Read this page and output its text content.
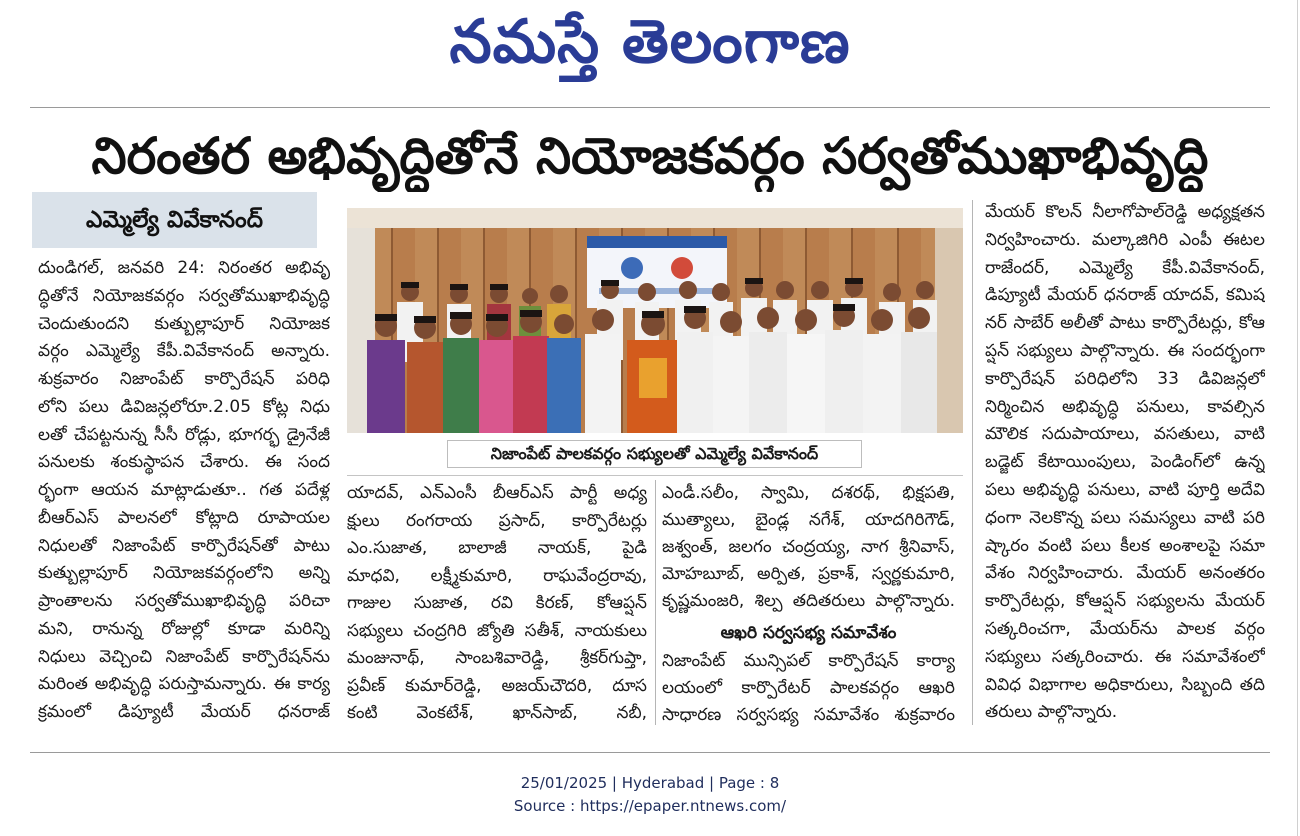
నమస్తే తెలంగాణ
నిరంతర అభివృద్ధితోనే నియోజకవర్గం సర్వతోముఖాభివృద్ధి
ఎమ్మెల్యే వివేకానంద్
దుండిగల్, జనవరి 24: నిరంతర అభివృ
ద్ధితోనే నియోజకవర్గం సర్వతోముఖాభివృద్ధి
చెందుతుందని కుత్బుల్లాపూర్ నియోజక
వర్గం ఎమ్మెల్యే కేపీ.వివేకానంద్ అన్నారు.
శుక్రవారం నిజాంపేట్ కార్పొరేషన్ పరిధి
లోని పలు డివిజన్లలోరూ.2.05 కోట్ల నిధు
లతో చేపట్టనున్న సీసీ రోడ్లు, భూగర్భ డ్రైనేజీ
పనులకు శంకుస్థాపన చేశారు. ఈ సంద
ర్భంగా ఆయన మాట్లాడుతూ.. గత పదేళ్ల
బీఆర్ఎస్ పాలనలో కోట్లాది రూపాయల
నిధులతో నిజాంపేట్ కార్పొరేషన్‌తో పాటు
కుత్బుల్లాపూర్ నియోజకవర్గంలోని అన్ని
ప్రాంతాలను సర్వతోముఖాభివృద్ధి పరిచా
మని, రానున్న రోజుల్లో కూడా మరిన్ని
నిధులు వెచ్చించి నిజాంపేట్ కార్పొరేషన్‌ను
మరింత అభివృద్ధి పరుస్తామన్నారు. ఈ కార్య
క్రమంలో డిప్యూటీ మేయర్ ధనరాజ్
నిజాంపేట్ పాలకవర్గం సభ్యులతో ఎమ్మెల్యే వివేకానంద్
యాదవ్, ఎన్ఎంసీ బీఆర్ఎస్ పార్టీ అధ్య
క్షులు రంగరాయ ప్రసాద్, కార్పొరేటర్లు
ఎం.సుజాత, బాలాజీ నాయక్, పైడి
మాధవి, లక్ష్మీకుమారి, రాఘవేంద్రరావు,
గాజుల సుజాత, రవి కిరణ్, కోఆప్షన్
సభ్యులు చంద్రగిరి జ్యోతి సతీశ్, నాయకులు
మంజునాథ్, సాంబశివారెడ్డి, శ్రీకర్‌గుప్తా,
ప్రవీణ్ కుమార్‌రెడ్డి, అజయ్‌చౌదరి, దూస
కంటి వెంకటేశ్, ఖాన్‌సాబ్, నబీ,
ఎండీ.సలీం, స్వామి, దశరథ్, భిక్షపతి,
ముత్యాలు, బైండ్ల నగేశ్, యాదగిరిగౌడ్,
జశ్వంత్, జలగం చంద్రయ్య, నాగ శ్రీనివాస్,
మోహబూబ్, అర్పిత, ప్రకాశ్, స్వర్ణకుమారి,
కృష్ణమంజరి, శిల్ప తదితరులు పాల్గొన్నారు.
ఆఖరి సర్వసభ్య సమావేశం
నిజాంపేట్ మున్సిపల్ కార్పొరేషన్ కార్యా
లయంలో కార్పొరేటర్ పాలకవర్గం ఆఖరి
సాధారణ సర్వసభ్య సమావేశం శుక్రవారం
మేయర్ కొలన్ నీలాగోపాల్‌రెడ్డి అధ్యక్షతన
నిర్వహించారు. మల్కాజిగిరి ఎంపీ ఈటల
రాజేందర్, ఎమ్మెల్యే కేపీ.వివేకానంద్,
డిప్యూటీ మేయర్ ధనరాజ్ యాదవ్, కమిష
నర్ సాబేర్ అలీతో పాటు కార్పొరేటర్లు, కోఆ
ప్షన్ సభ్యులు పాల్గొన్నారు. ఈ సందర్భంగా
కార్పొరేషన్ పరిధిలోని 33 డివిజన్లలో
నిర్మించిన అభివృద్ధి పనులు, కావల్సిన
మౌలిక సదుపాయాలు, వసతులు, వాటి
బడ్జెట్ కేటాయింపులు, పెండింగ్‌లో ఉన్న
పలు అభివృద్ధి పనులు, వాటి పూర్తి అదేవి
ధంగా నెలకొన్న పలు సమస్యలు వాటి పరి
ష్కారం వంటి పలు కీలక అంశాలపై సమా
వేశం నిర్వహించారు. మేయర్ అనంతరం
కార్పొరేటర్లు, కోఆప్షన్ సభ్యులను మేయర్
సత్కరించగా, మేయర్‌ను పాలక వర్గం
సభ్యులు సత్కరించారు. ఈ సమావేశంలో
వివిధ విభాగాల అధికారులు, సిబ్బంది తది
తరులు పాల్గొన్నారు.
25/01/2025 | Hyderabad | Page : 8
Source : https://epaper.ntnews.com/
